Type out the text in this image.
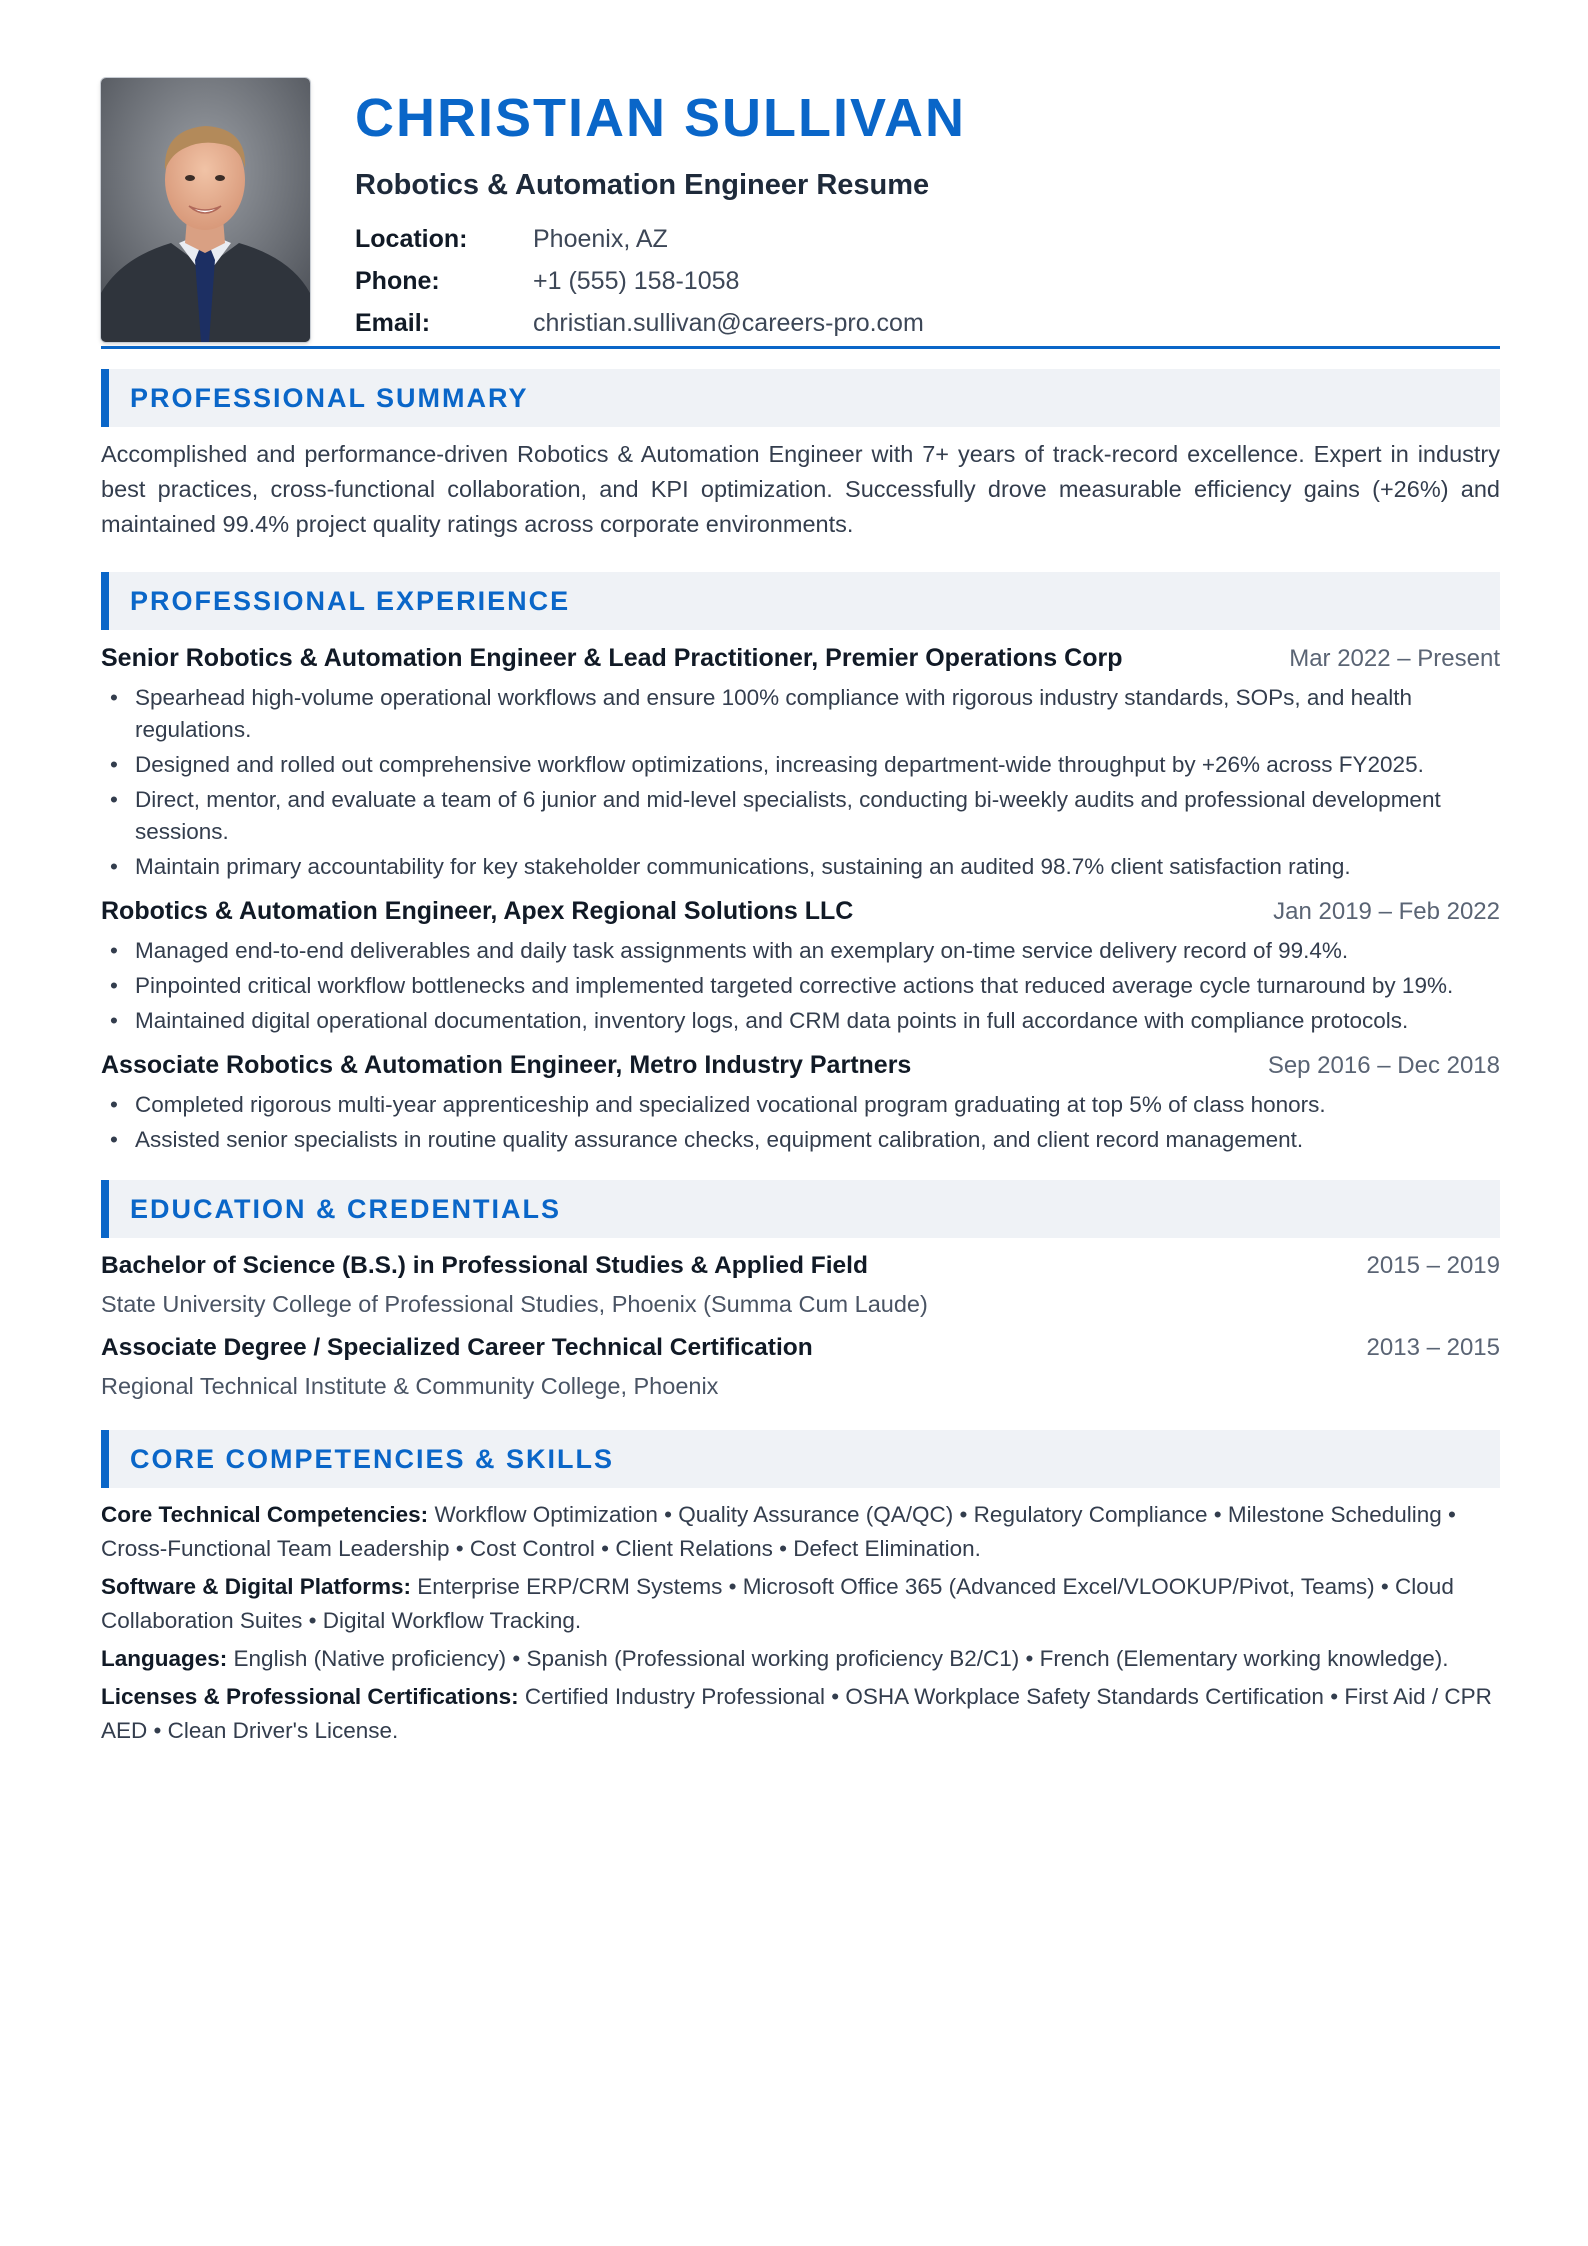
CHRISTIAN SULLIVAN
Robotics & Automation Engineer Resume
Location:	Phoenix, AZ
Phone:	+1 (555) 158-1058
Email:	christian.sullivan@careers-pro.com
PROFESSIONAL SUMMARY

Accomplished and performance-driven Robotics & Automation Engineer with 7+ years of track-record excellence. Expert in industry best practices, cross-functional collaboration, and KPI optimization. Successfully drove measurable efficiency gains (+26%) and maintained 99.4% project quality ratings across corporate environments.

PROFESSIONAL EXPERIENCE
Senior Robotics & Automation Engineer & Lead Practitioner, Premier Operations Corp	Mar 2022 – Present
• Spearhead high-volume operational workflows and ensure 100% compliance with rigorous industry standards, SOPs, and health regulations.
• Designed and rolled out comprehensive workflow optimizations, increasing department-wide throughput by +26% across FY2025.
• Direct, mentor, and evaluate a team of 6 junior and mid-level specialists, conducting bi-weekly audits and professional development sessions.
• Maintain primary accountability for key stakeholder communications, sustaining an audited 98.7% client satisfaction rating.
Robotics & Automation Engineer, Apex Regional Solutions LLC	Jan 2019 – Feb 2022
• Managed end-to-end deliverables and daily task assignments with an exemplary on-time service delivery record of 99.4%.
• Pinpointed critical workflow bottlenecks and implemented targeted corrective actions that reduced average cycle turnaround by 19%.
• Maintained digital operational documentation, inventory logs, and CRM data points in full accordance with compliance protocols.
Associate Robotics & Automation Engineer, Metro Industry Partners	Sep 2016 – Dec 2018
• Completed rigorous multi-year apprenticeship and specialized vocational program graduating at top 5% of class honors.
• Assisted senior specialists in routine quality assurance checks, equipment calibration, and client record management.
EDUCATION & CREDENTIALS
Bachelor of Science (B.S.) in Professional Studies & Applied Field	2015 – 2019
State University College of Professional Studies, Phoenix (Summa Cum Laude)
Associate Degree / Specialized Career Technical Certification	2013 – 2015
Regional Technical Institute & Community College, Phoenix
CORE COMPETENCIES & SKILLS
Core Technical Competencies: Workflow Optimization • Quality Assurance (QA/QC) • Regulatory Compliance • Milestone Scheduling • Cross-Functional Team Leadership • Cost Control • Client Relations • Defect Elimination.
Software & Digital Platforms: Enterprise ERP/CRM Systems • Microsoft Office 365 (Advanced Excel/VLOOKUP/Pivot, Teams) • Cloud Collaboration Suites • Digital Workflow Tracking.
Languages: English (Native proficiency) • Spanish (Professional working proficiency B2/C1) • French (Elementary working knowledge).
Licenses & Professional Certifications: Certified Industry Professional • OSHA Workplace Safety Standards Certification • First Aid / CPR AED • Clean Driver's License.
